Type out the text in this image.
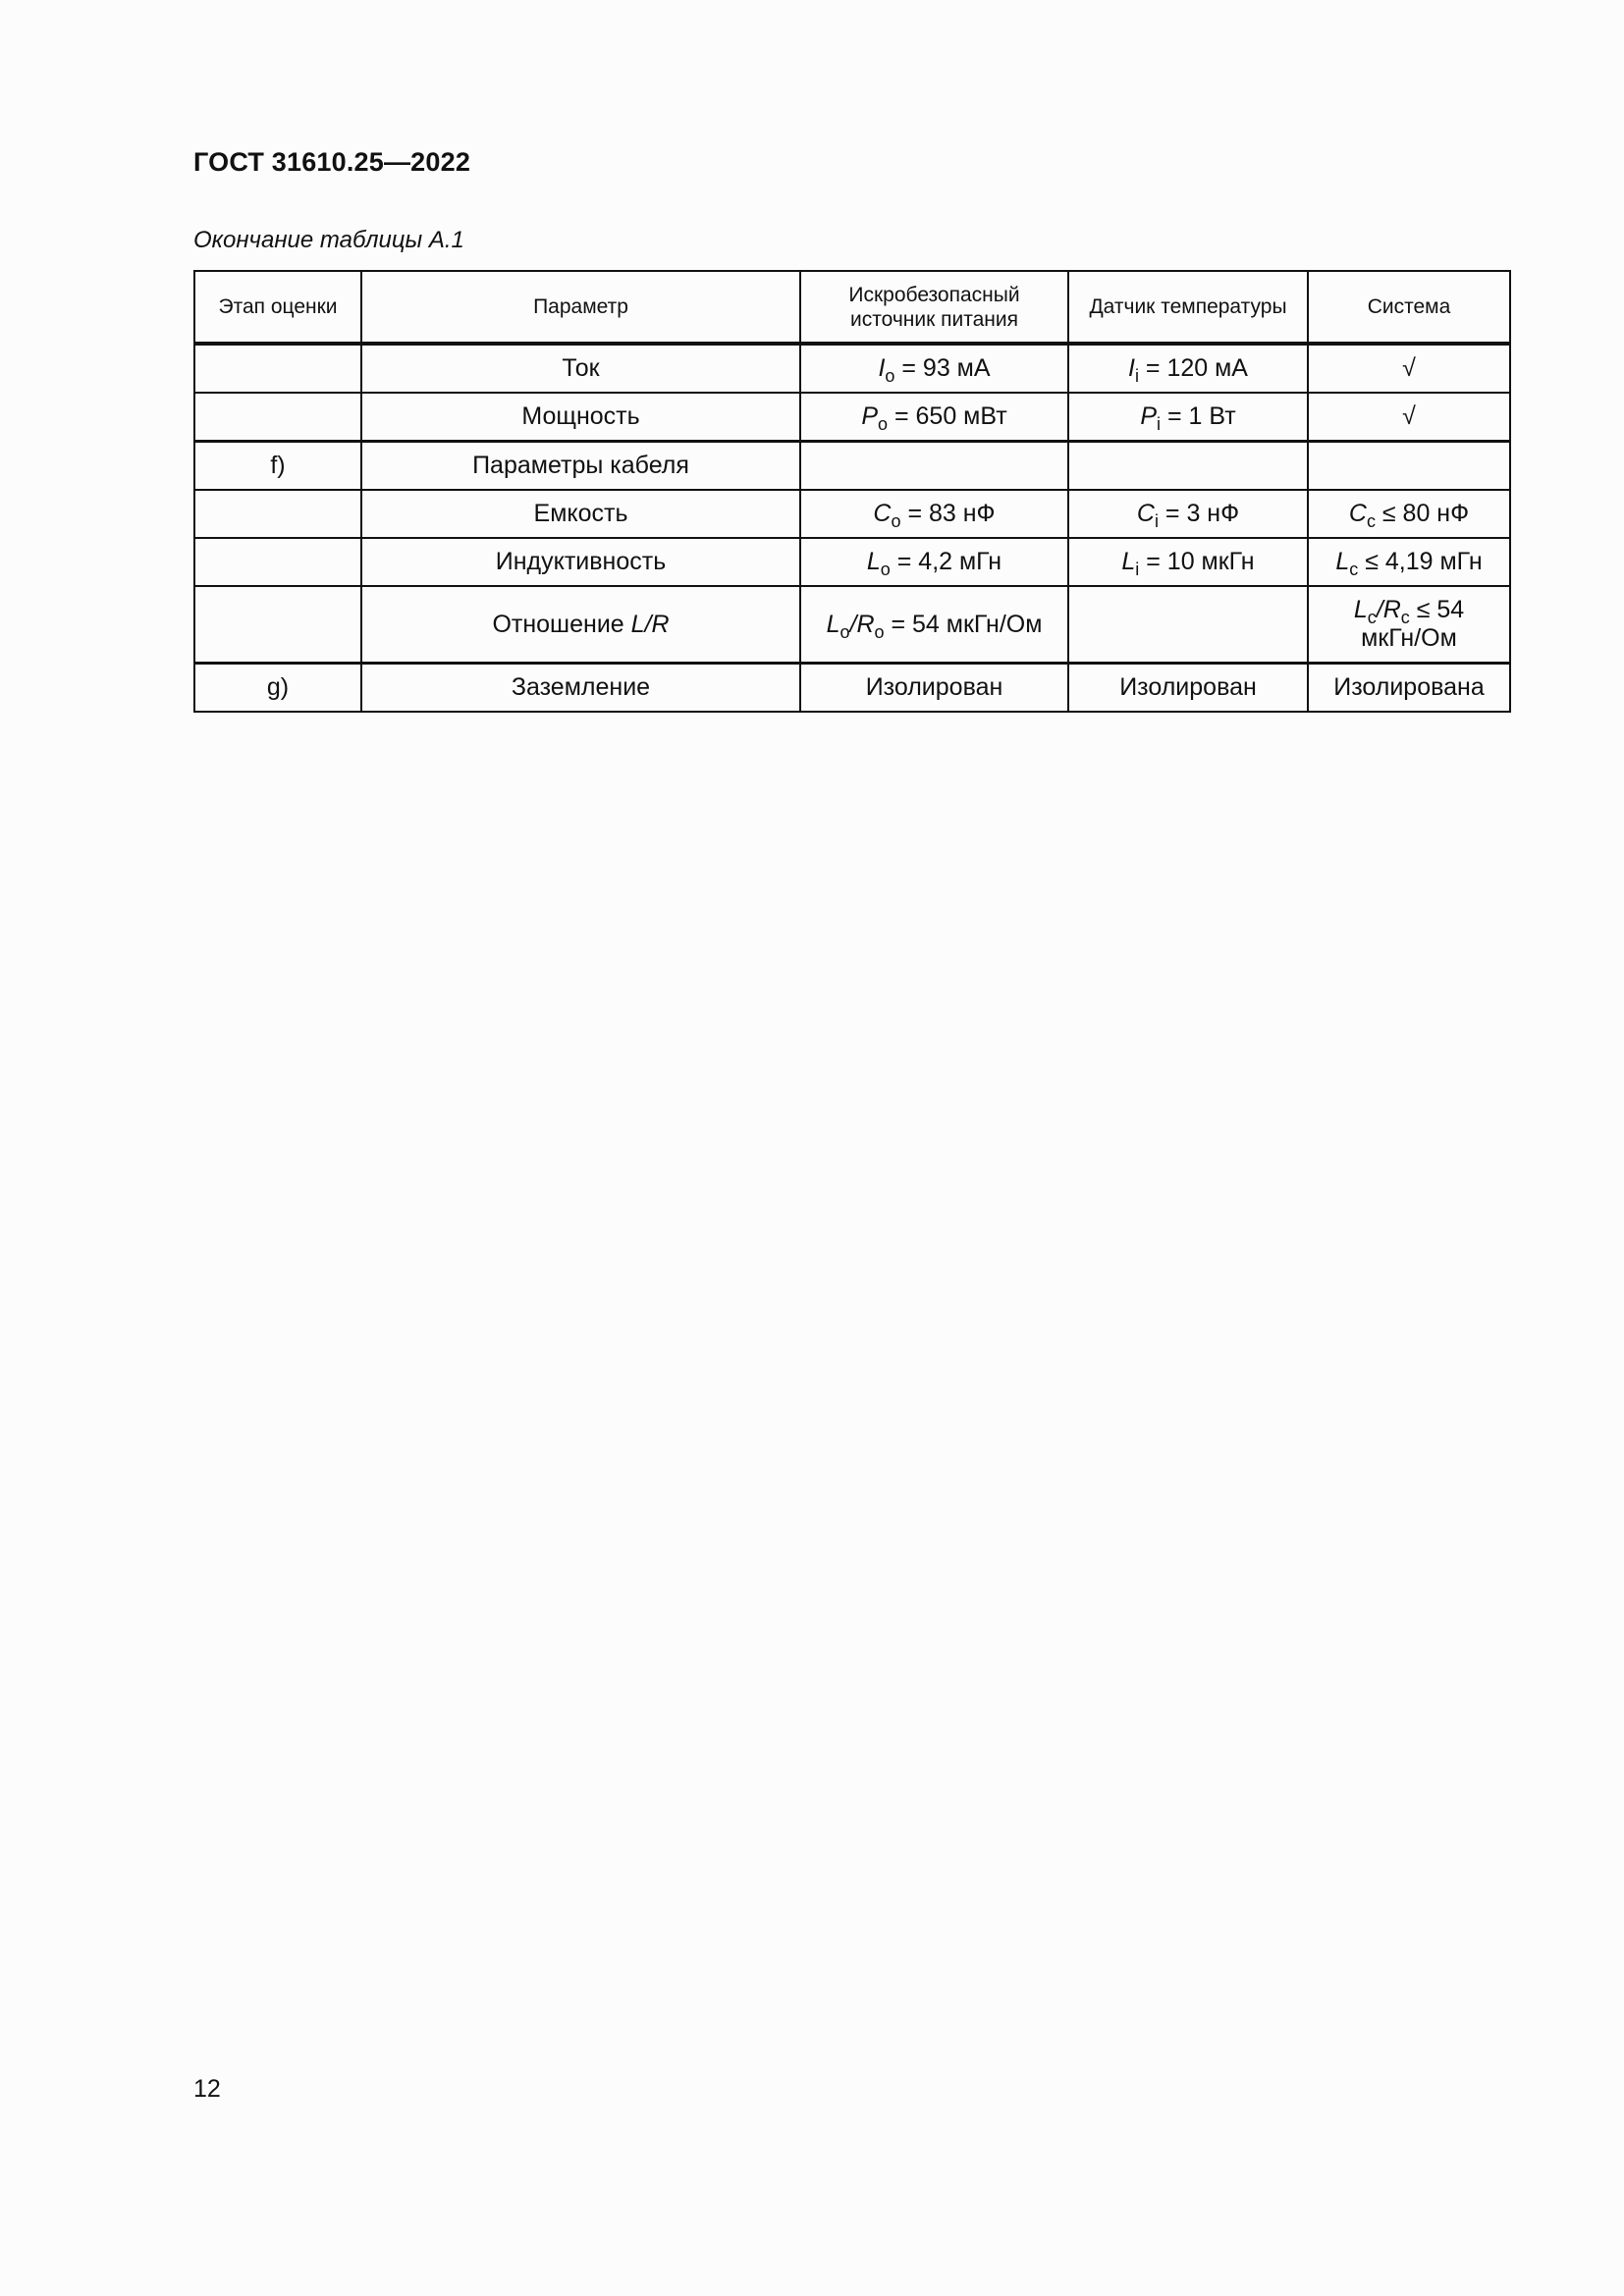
ГОСТ 31610.25—2022
Окончание таблицы А.1
Этап оценки	Параметр	Искробезопасный источник питания	Датчик температуры	Система
	Ток	$I_o = 93$ мА	$I_i = 120$ мА	√
	Мощность	$P_o = 650$ мВт	$P_i = 1$ Вт	√
f)	Параметры кабеля			
	Емкость	$C_o = 83$ нФ	$C_i = 3$ нФ	$C_c \le 80$ нФ
	Индуктивность	$L_o = 4,2$ мГн	$L_i = 10$ мкГн	$L_c \le 4,19$ мГн
	Отношение L/R	$L_o/R_o = 54$ мкГн/Ом		$L_c/R_c \le 54$
мкГн/Ом
g)	Заземление	Изолирован	Изолирован	Изолирована
12
